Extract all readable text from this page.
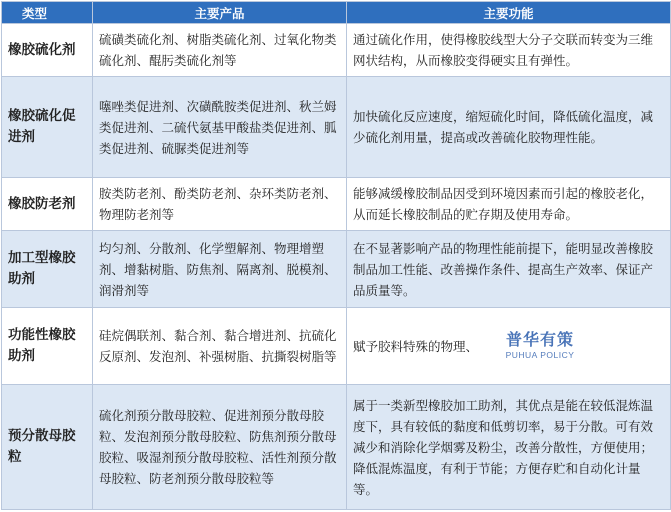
类型	主要产品	主要功能
橡胶硫化剂	硫磺类硫化剂、树脂类硫化剂、过氧化物类硫化剂、醌肟类硫化剂等	通过硫化作用，使得橡胶线型大分子交联而转变为三维网状结构，从而橡胶变得硬实且有弹性。
橡胶硫化促进剂	噻唑类促进剂、次磺酰胺类促进剂、秋兰姆类促进剂、二硫代氨基甲酸盐类促进剂、胍类促进剂、硫脲类促进剂等	加快硫化反应速度，缩短硫化时间，降低硫化温度，减少硫化剂用量，提高或改善硫化胶物理性能。
橡胶防老剂	胺类防老剂、酚类防老剂、杂环类防老剂、物理防老剂等	能够减缓橡胶制品因受到环境因素而引起的橡胶老化，从而延长橡胶制品的贮存期及使用寿命。
加工型橡胶助剂	均匀剂、分散剂、化学塑解剂、物理增塑剂、增黏树脂、防焦剂、隔离剂、脱模剂、润滑剂等	在不显著影响产品的物理性能前提下，能明显改善橡胶制品加工性能、改善操作条件、提高生产效率、保证产品质量等。
功能性橡胶助剂	硅烷偶联剂、黏合剂、黏合增进剂、抗硫化反原剂、发泡剂、补强树脂、抗撕裂树脂等	赋予胶料特殊的物理、
预分散母胶粒	硫化剂预分散母胶粒、促进剂预分散母胶粒、发泡剂预分散母胶粒、防焦剂预分散母胶粒、吸湿剂预分散母胶粒、活性剂预分散母胶粒、防老剂预分散母胶粒等	属于一类新型橡胶加工助剂，其优点是能在较低混炼温度下，具有较低的黏度和低剪切率，易于分散。可有效减少和消除化学烟雾及粉尘，改善分散性，方便使用；降低混炼温度，有利于节能；方便存贮和自动化计量等。
普华有策
PUHUA POLICY
